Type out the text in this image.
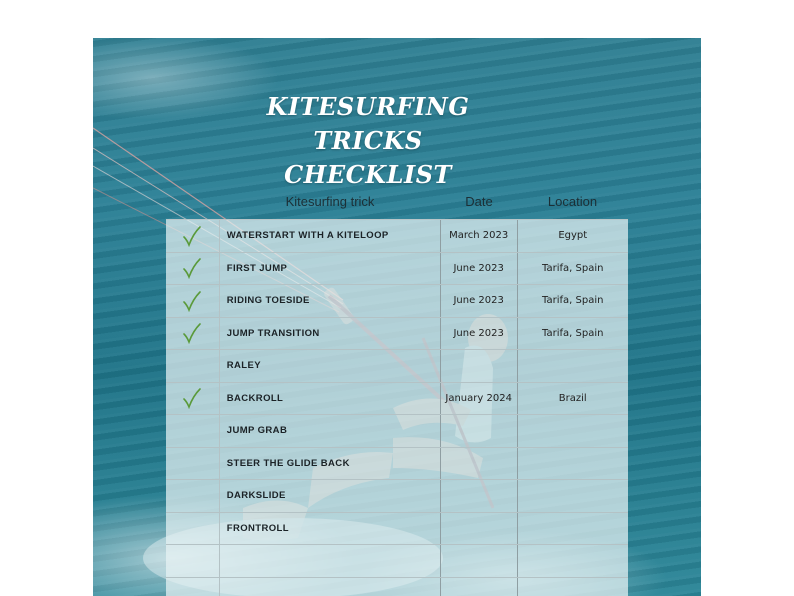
KITESURFING TRICKS
CHECKLIST
Kitesurfing trick	Date	Location
WATERSTART WITH A KITELOOP	March 2023	Egypt
FIRST JUMP	June 2023	Tarifa, Spain
RIDING TOESIDE	June 2023	Tarifa, Spain
JUMP TRANSITION	June 2023	Tarifa, Spain
RALEY
BACKROLL	January 2024	Brazil
JUMP GRAB
STEER THE GLIDE BACK
DARKSLIDE
FRONTROLL
